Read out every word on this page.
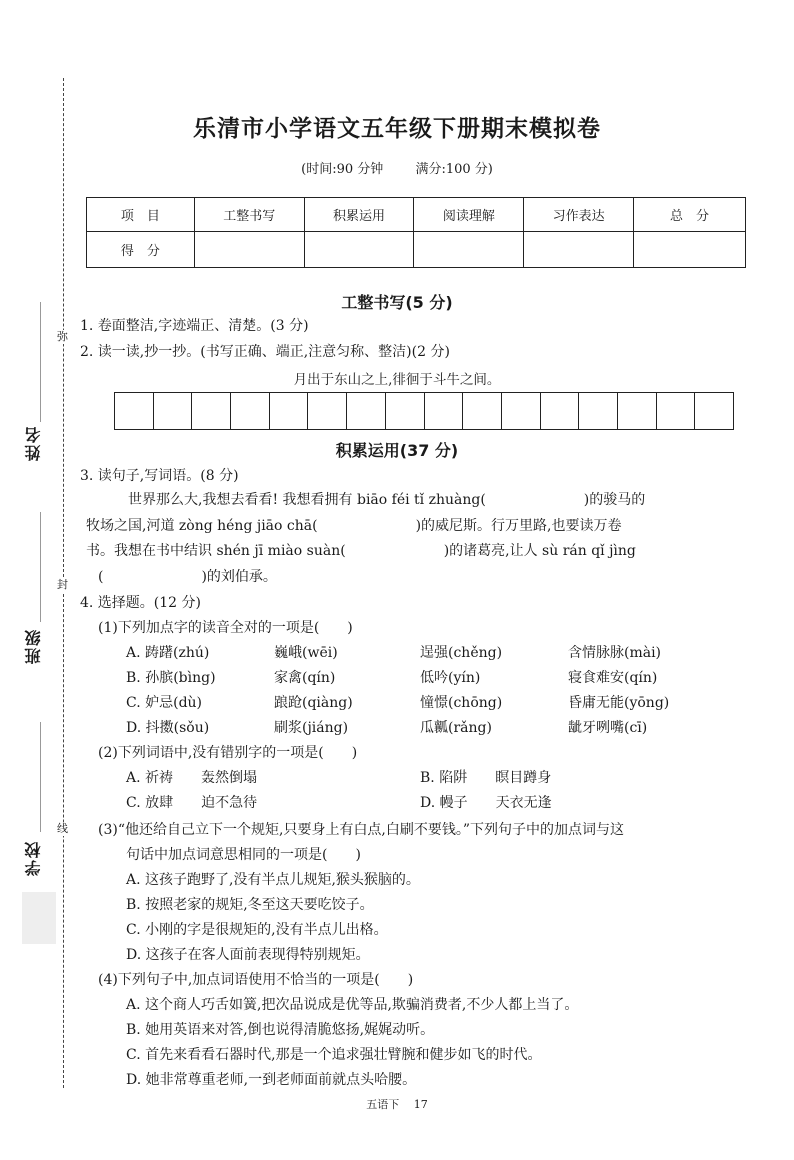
弥
封
线
姓名
班级
学校
乐清市小学语文五年级下册期末模拟卷
(时间:90 分钟 满分:100 分)
项　目	工整书写	积累运用	阅读理解	习作表达	总　分
得　分					
工整书写(5 分)
1. 卷面整洁,字迹端正、清楚。(3 分)
2. 读一读,抄一抄。(书写正确、端正,注意匀称、整洁)(2 分)
月出于东山之上,徘徊于斗牛之间。
积累运用(37 分)
3. 读句子,写词语。(8 分)
世界那么大,我想去看看! 我想看拥有 biāo féi tǐ zhuàng(	)的骏马的
牧场之国,河道 zòng héng jiāo chā(	)的威尼斯。行万里路,也要读万卷
书。我想在书中结识 shén jī miào suàn(	)的诸葛亮,让人 sù rán qǐ jìng
(	)的刘伯承。
4. 选择题。(12 分)
(1)下列加点字的读音全对的一项是(　　)
A. 踌躇(zhú)	巍峨(wēi)	逞强(chěng)	含情脉脉(mài)
B. 孙膑(bìng)	家禽(qín)	低吟(yín)	寝食难安(qín)
C. 妒忌(dù)	踉跄(qiàng)	憧憬(chōng)	昏庸无能(yōng)
D. 抖擞(sǒu)	刷浆(jiáng)	瓜瓤(rǎng)	龇牙咧嘴(cī)
(2)下列词语中,没有错别字的一项是(　　)
A. 祈祷　　轰然倒塌	B. 陷阱　　瞑目蹲身
C. 放肆　　迫不急待	D. 幔子　　天衣无逢
(3)“他还给自己立下一个规矩,只要身上有白点,白刷不要钱。”下列句子中的加点词与这
句话中加点词意思相同的一项是(　　)
A. 这孩子跑野了,没有半点儿规矩,猴头猴脑的。
B. 按照老家的规矩,冬至这天要吃饺子。
C. 小刚的字是很规矩的,没有半点儿出格。
D. 这孩子在客人面前表现得特别规矩。
(4)下列句子中,加点词语使用不恰当的一项是(　　)
A. 这个商人巧舌如簧,把次品说成是优等品,欺骗消费者,不少人都上当了。
B. 她用英语来对答,倒也说得清脆悠扬,娓娓动听。
C. 首先来看看石器时代,那是一个追求强壮臂腕和健步如飞的时代。
D. 她非常尊重老师,一到老师面前就点头哈腰。
五语下　 17
